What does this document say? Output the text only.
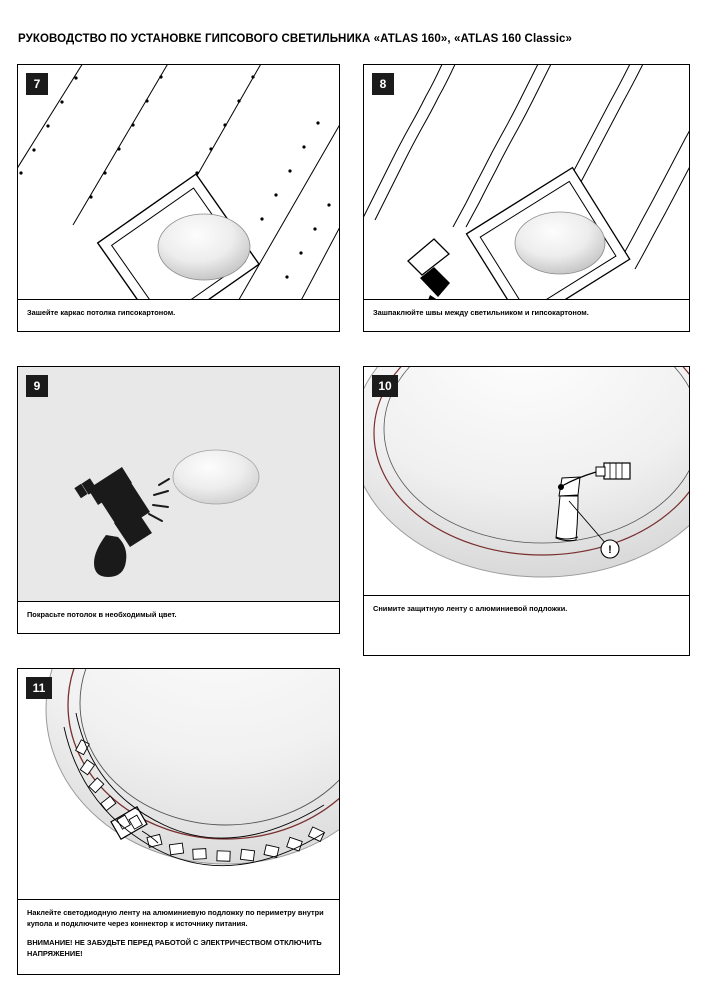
РУКОВОДСТВО ПО УСТАНОВКЕ ГИПСОВОГО СВЕТИЛЬНИКА «ATLAS 160», «ATLAS 160 Classic»
7
Зашейте каркас потолка гипсокартоном.
8
Зашпаклюйте швы между светильником и гипсокартоном.
9
Покрасьте потолок в необходимый цвет.
!
10
Снимите защитную ленту с алюминиевой подложки.
11
Наклейте светодиодную ленту на алюминиевую подложку по периметру внутри купола и подключите через коннектор к источнику питания.
ВНИМАНИЕ! НЕ ЗАБУДЬТЕ ПЕРЕД РАБОТОЙ С ЭЛЕКТРИЧЕСТВОМ ОТКЛЮЧИТЬ НАПРЯЖЕНИЕ!
